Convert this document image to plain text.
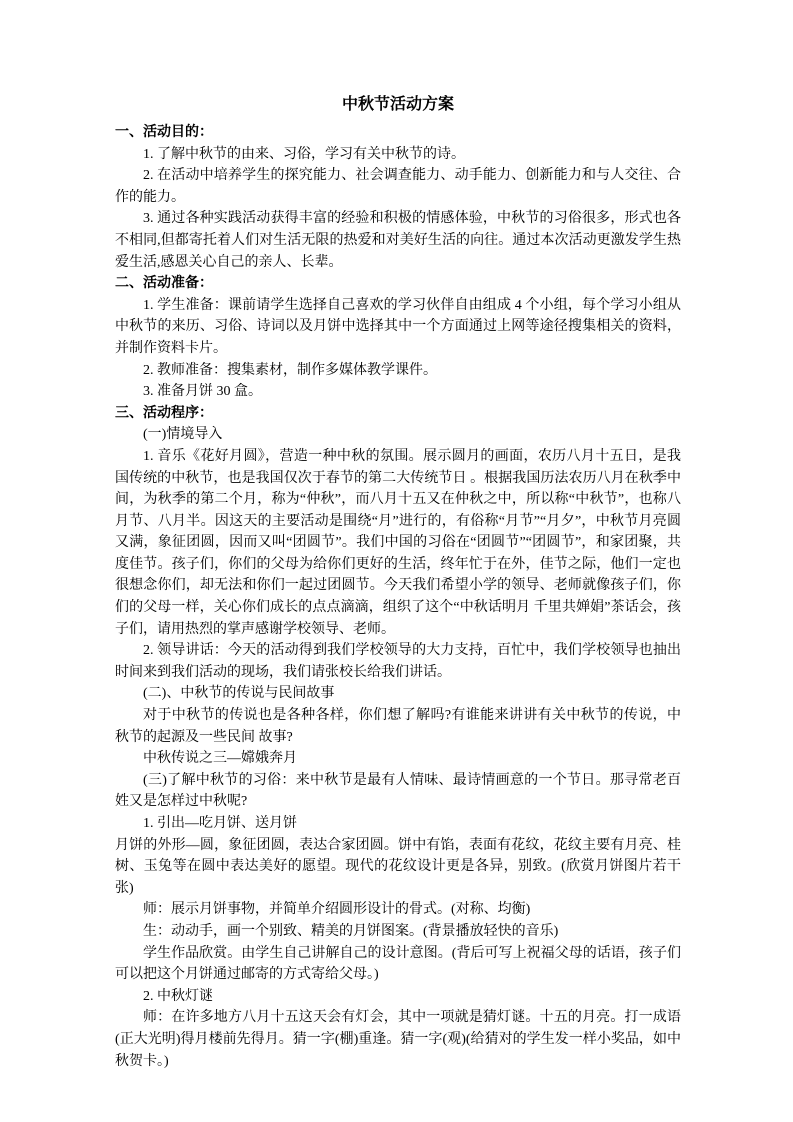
中秋节活动方案

一、活动目的：

1. 了解中秋节的由来、习俗，学习有关中秋节的诗。

2. 在活动中培养学生的探究能力、社会调查能力、动手能力、创新能力和与人交往、合作的能力。

3. 通过各种实践活动获得丰富的经验和积极的情感体验，中秋节的习俗很多，形式也各不相同,但都寄托着人们对生活无限的热爱和对美好生活的向往。通过本次活动更激发学生热爱生活,感恩关心自己的亲人、长辈。

二、活动准备：

1. 学生准备：课前请学生选择自己喜欢的学习伙伴自由组成 4 个小组，每个学习小组从中秋节的来历、习俗、诗词以及月饼中选择其中一个方面通过上网等途径搜集相关的资料，并制作资料卡片。

2. 教师准备：搜集素材，制作多媒体教学课件。

3. 准备月饼 30 盒。

三、活动程序：

(一)情境导入

1. 音乐《花好月圆》，营造一种中秋的氛围。展示圆月的画面，农历八月十五日，是我国传统的中秋节，也是我国仅次于春节的第二大传统节日 。根据我国历法农历八月在秋季中间，为秋季的第二个月，称为“仲秋”，而八月十五又在仲秋之中，所以称“中秋节”，也称八月节、八月半。因这天的主要活动是围绕“月”进行的，有俗称“月节”“月夕”，中秋节月亮圆又满，象征团圆，因而又叫“团圆节”。我们中国的习俗在“团圆节”“团圆节”，和家团聚，共度佳节。孩子们，你们的父母为给你们更好的生活，终年忙于在外，佳节之际，他们一定也很想念你们，却无法和你们一起过团圆节。今天我们希望小学的领导、老师就像孩子们，你们的父母一样，关心你们成长的点点滴滴，组织了这个“中秋话明月 千里共婵娟”茶话会，孩子们，请用热烈的掌声感谢学校领导、老师。

2. 领导讲话：今天的活动得到我们学校领导的大力支持，百忙中，我们学校领导也抽出时间来到我们活动的现场，我们请张校长给我们讲话。

(二)、中秋节的传说与民间故事

对于中秋节的传说也是各种各样，你们想了解吗?有谁能来讲讲有关中秋节的传说，中秋节的起源及一些民间 故事?

中秋传说之三—嫦娥奔月

(三)了解中秋节的习俗：来中秋节是最有人情味、最诗情画意的一个节日。那寻常老百姓又是怎样过中秋呢?

1. 引出—吃月饼、送月饼

月饼的外形—圆，象征团圆，表达合家团圆。饼中有馅，表面有花纹，花纹主要有月亮、桂树、玉兔等在圆中表达美好的愿望。现代的花纹设计更是各异，别致。(欣赏月饼图片若干张)

师：展示月饼事物，并简单介绍圆形设计的骨式。(对称、均衡)

生：动动手，画一个别致、精美的月饼图案。(背景播放轻快的音乐)

学生作品欣赏。由学生自己讲解自己的设计意图。(背后可写上祝福父母的话语，孩子们可以把这个月饼通过邮寄的方式寄给父母。)

2. 中秋灯谜

师：在许多地方八月十五这天会有灯会，其中一项就是猜灯谜。十五的月亮。打一成语(正大光明)得月楼前先得月。猜一字(棚)重逢。猜一字(观)(给猜对的学生发一样小奖品，如中秋贺卡。)
